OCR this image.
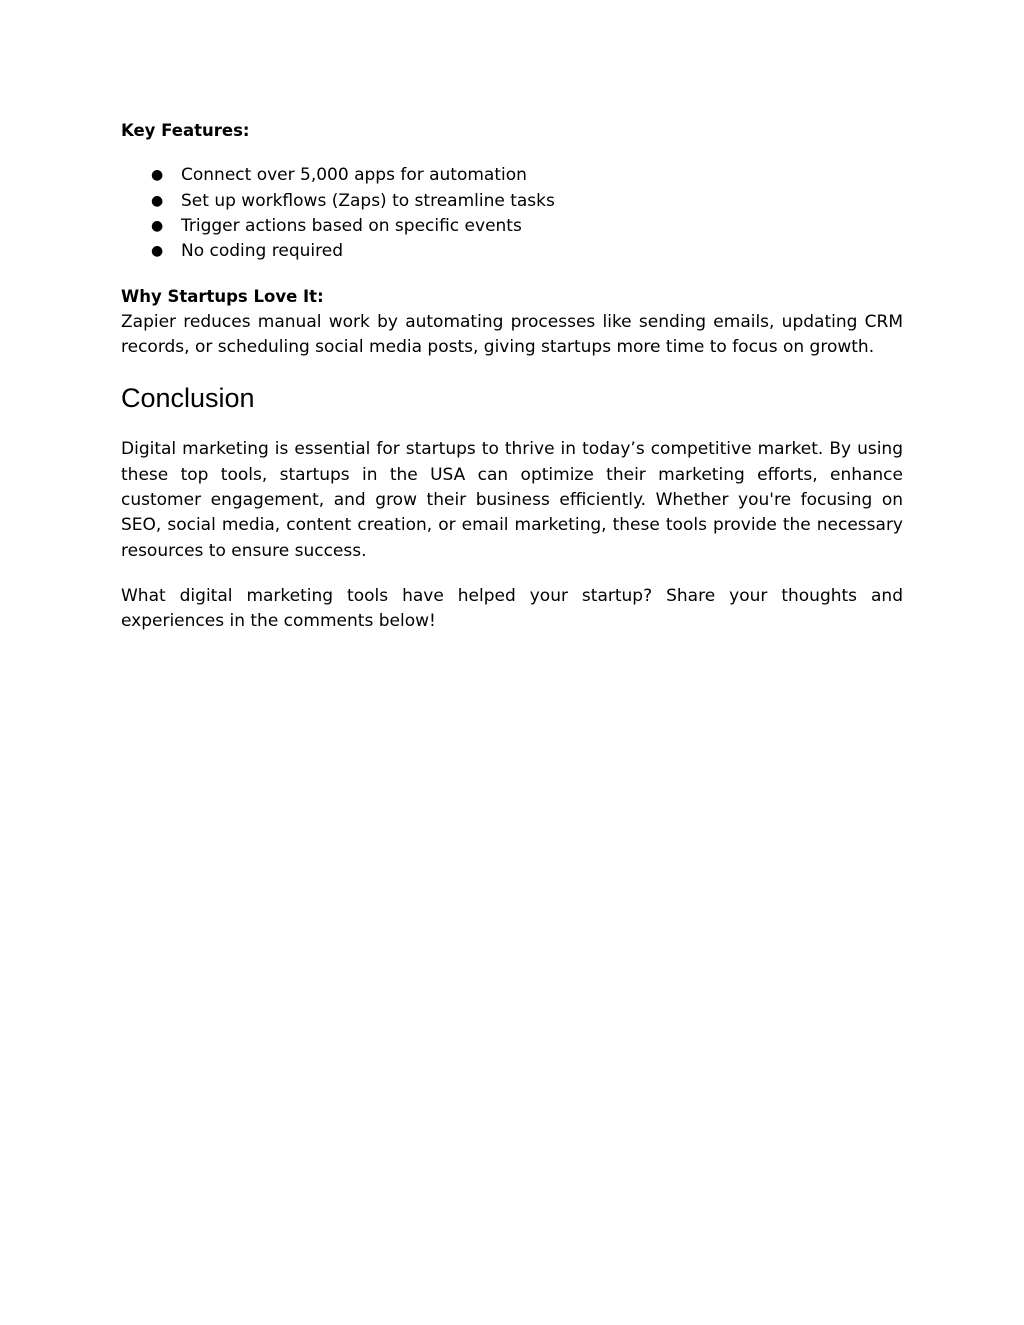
Key Features:

● Connect over 5,000 apps for automation
● Set up workflows (Zaps) to streamline tasks
● Trigger actions based on specific events
● No coding required

Why Startups Love It:

Zapier reduces manual work by automating processes like sending emails, updating CRM records, or scheduling social media posts, giving startups more time to focus on growth.

Conclusion

Digital marketing is essential for startups to thrive in today’s competitive market. By using these top tools, startups in the USA can optimize their marketing efforts, enhance customer engagement, and grow their business efficiently. Whether you're focusing on SEO, social media, content creation, or email marketing, these tools provide the necessary resources to ensure success.

What digital marketing tools have helped your startup? Share your thoughts and experiences in the comments below!
